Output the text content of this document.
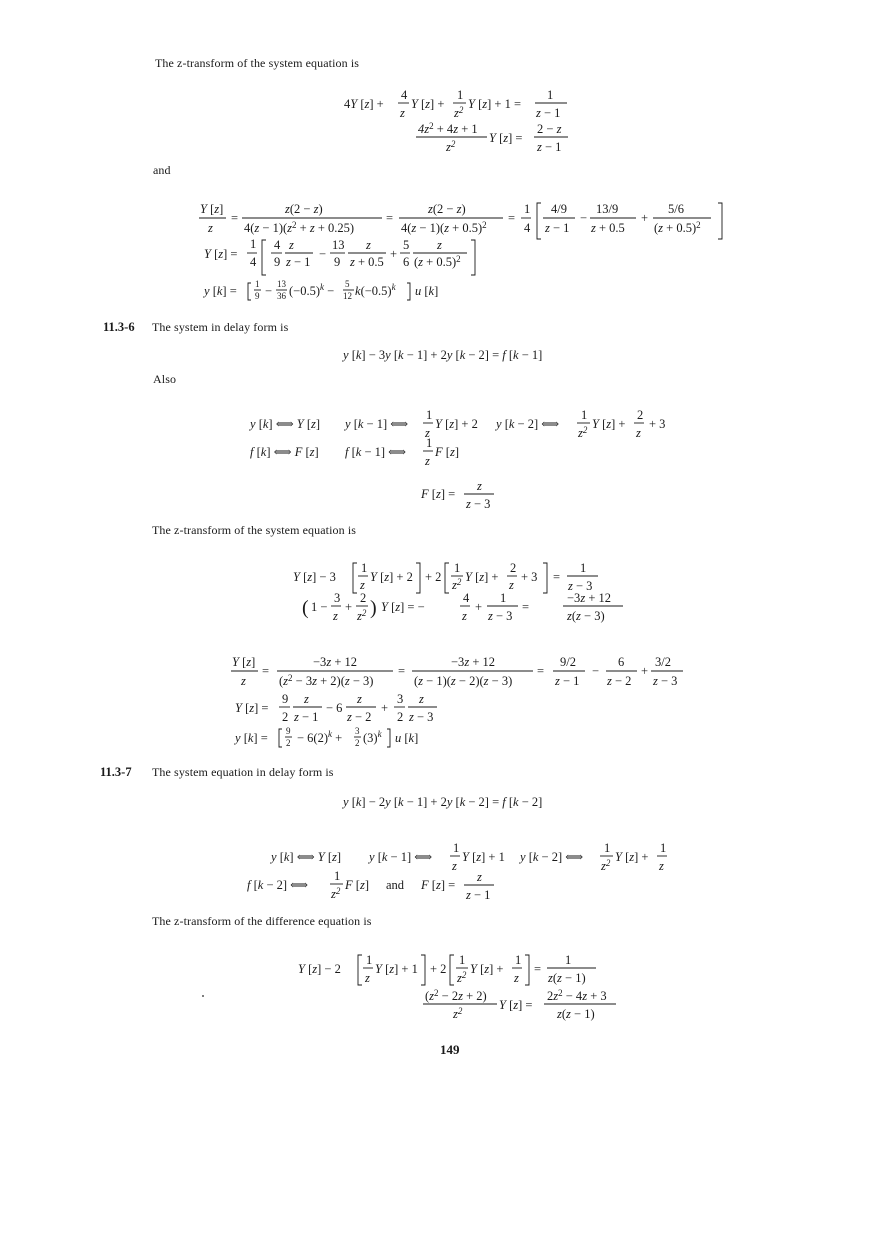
The z-transform of the system equation is
and
11.3-6 The system in delay form is
Also
The z-transform of the system equation is
11.3-7 The system equation in delay form is
The z-transform of the difference equation is
149
4Y [z] +
4
z
Y [z] +
1
$z^2$ Y [z] + 1 =
1
z − 1
$4z^2 + 4z + 1$
$z^2$	Y [z] =
2 − z
z − 1
Y [z]
z
=
z(2 − z)
$4(z - 1)(z^2 + z + 0.25)$
=
z(2 − z)
$4(z - 1)(z + 0.5)^2$ =
1
4
4/9
z − 1
−
13/9
z + 0.5
+
5/6
$(z + 0.5)^2$
Y [z] =
1
4
4
9
z
z − 1
−
13
9
z
z + 0.5
+
5
6
z
$(z + 0.5)^2$
y [k] = 1
9 − 13
36 $(-0.5)^k - 5$
12 $k(-0.5)^k$ u [k]
y [k] − 3y [k − 1] + 2y [k − 2] = f [k − 1]
y [k] ⟺ Y [z] y [k − 1] ⟺
1
z
Y [z] + 2 y [k − 2] ⟺
1
$z^2$ Y [z] +
2
z
+ 3
f [k] ⟺ F [z] f [k − 1] ⟺
1
z
F [z]
F [z] =
z
z − 3
Y [z] − 3
1
z
Y [z] + 2 + 2
1
$z^2$ Y [z] +
2
z
+ 3 =
1
z − 3
( 1 −
3
z
+
2
$z^2$ ) Y [z] = −
4
z
+
1
z − 3
=
−3z + 12
z(z − 3)
Y [z]
z
=
−3z + 12
$(z^2 - 3z + 2)(z - 3)$
=
−3z + 12
(z − 1)(z − 2)(z − 3)
=
9/2
z − 1
−
6
z − 2
+
3/2
z − 3
Y [z] =
9
2
z
z − 1
− 6
z
z − 2
+
3
2
z
z − 3
y [k] = 9
$2 - 6(2)^k + 3$
2 $(3)^k$ u [k]
y [k] − 2y [k − 1] + 2y [k − 2] = f [k − 2]
y [k] ⟺ Y [z] y [k − 1] ⟺
1
z
Y [z] + 1 y [k − 2] ⟺
1
$z^2$ Y [z] +
1
z
f [k − 2] ⟺
1
$z^2$ F [z] and F [z] =
z
z − 1
Y [z] − 2
1
z
Y [z] + 1 + 2
1
$z^2$ Y [z] +
1
z
=
1
z(z − 1)
$(z^2 - 2z + 2)$
$z^2$	Y [z] =
$2z^2 - 4z + 3$
z(z − 1)
